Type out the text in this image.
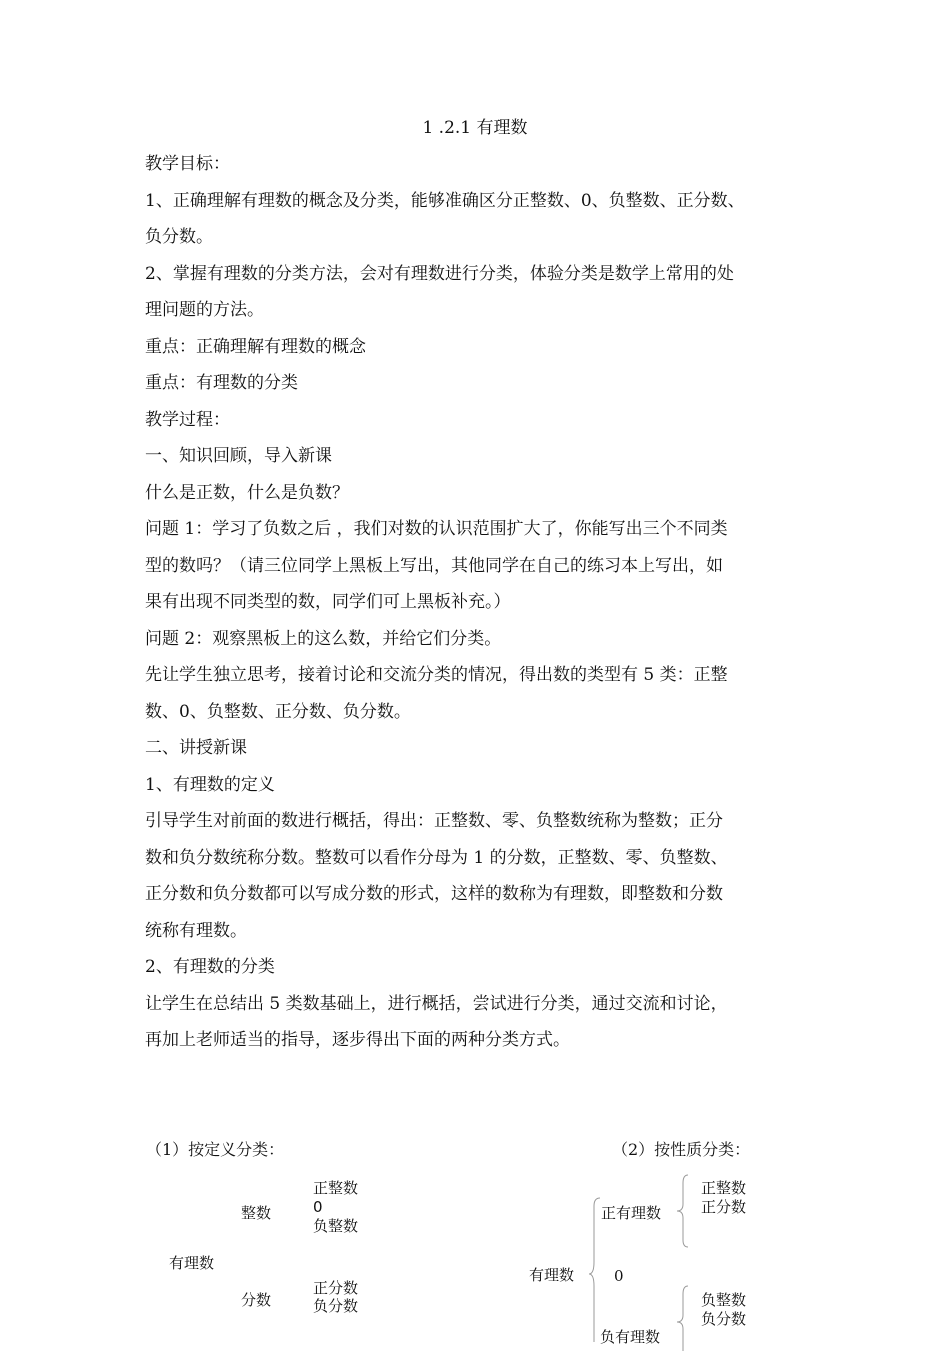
1 .2.1 有理数

教学目标：

1、正确理解有理数的概念及分类，能够准确区分正整数、0、负整数、正分数、

负分数。

2、掌握有理数的分类方法，会对有理数进行分类，体验分类是数学上常用的处

理问题的方法。

重点：正确理解有理数的概念

重点：有理数的分类

教学过程：

一、知识回顾，导入新课

什么是正数，什么是负数？

问题 1：学习了负数之后 ，我们对数的认识范围扩大了，你能写出三个不同类

型的数吗？（请三位同学上黑板上写出，其他同学在自己的练习本上写出，如

果有出现不同类型的数，同学们可上黑板补充。）

问题 2：观察黑板上的这么数，并给它们分类。

先让学生独立思考，接着讨论和交流分类的情况，得出数的类型有 5 类：正整

数、0、负整数、正分数、负分数。

二、讲授新课

1、有理数的定义

引导学生对前面的数进行概括，得出：正整数、零、负整数统称为整数；正分

数和负分数统称分数。整数可以看作分母为 1 的分数，正整数、零、负整数、

正分数和负分数都可以写成分数的形式，这样的数称为有理数，即整数和分数

统称有理数。

2、有理数的分类

让学生在总结出 5 类数基础上，进行概括，尝试进行分类，通过交流和讨论，

再加上老师适当的指导，逐步得出下面的两种分类方式。

（1）按定义分类：
有理数
整数
正整数
0
负整数
分数
正分数
负分数
（2）按性质分类：
有理数
正有理数
正整数
正分数
0
负有理数
负整数
负分数
